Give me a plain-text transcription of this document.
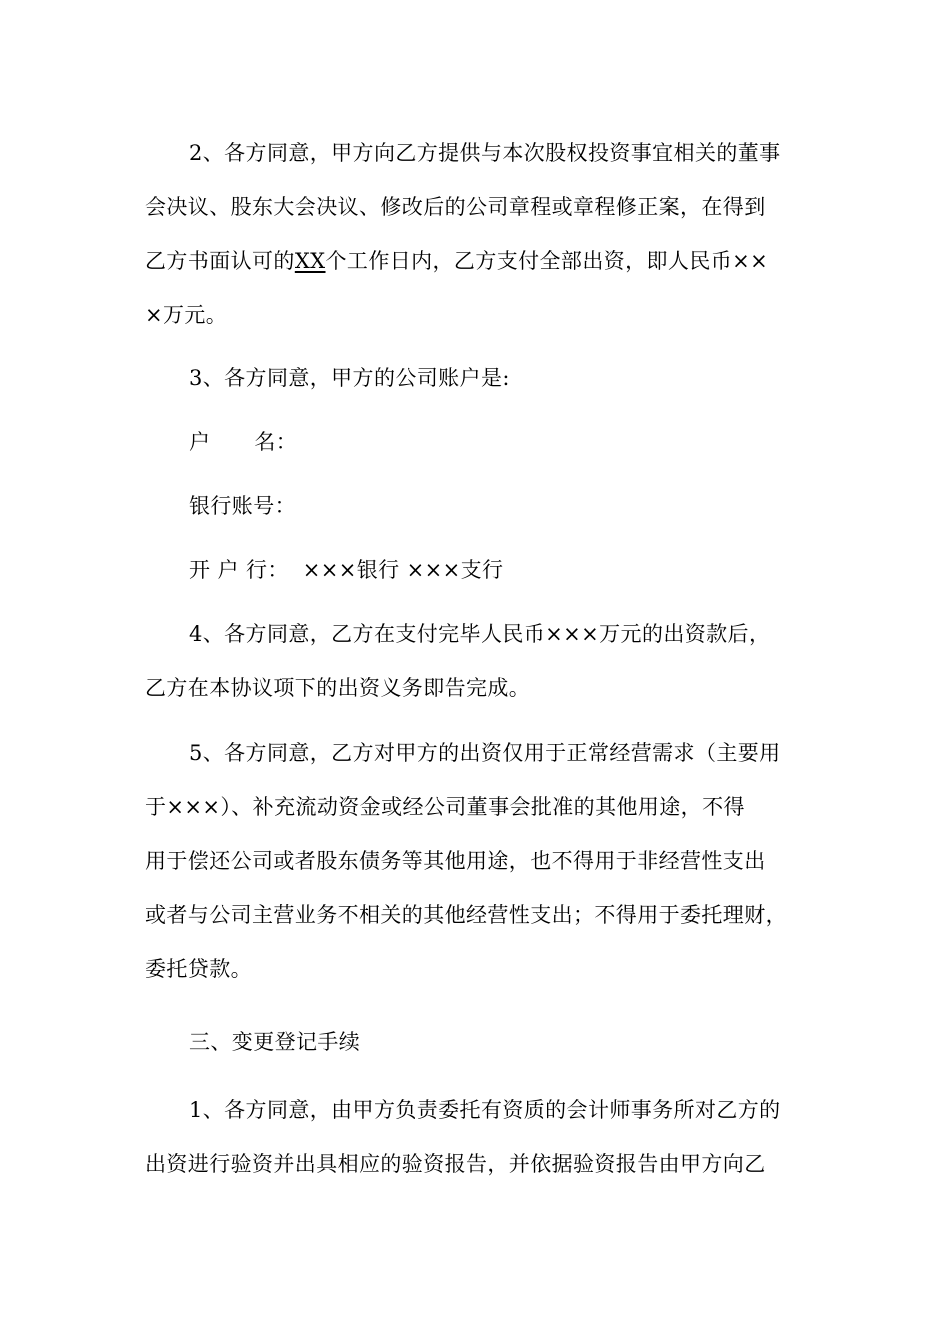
2、各方同意，甲方向乙方提供与本次股权投资事宜相关的董事
会决议、股东大会决议、修改后的公司章程或章程修正案，在得到
乙方书面认可的XX个工作日内，乙方支付全部出资，即人民币××
×万元。
3、各方同意，甲方的公司账户是:
户 名：
银行账号：
开 户 行： ×××银行 ×××支行
4、各方同意，乙方在支付完毕人民币×××万元的出资款后，
乙方在本协议项下的出资义务即告完成。
5、各方同意，乙方对甲方的出资仅用于正常经营需求（主要用
于×××）、补充流动资金或经公司董事会批准的其他用途，不得
用于偿还公司或者股东债务等其他用途，也不得用于非经营性支出
或者与公司主营业务不相关的其他经营性支出；不得用于委托理财，
委托贷款。
三、变更登记手续
1、各方同意，由甲方负责委托有资质的会计师事务所对乙方的
出资进行验资并出具相应的验资报告，并依据验资报告由甲方向乙
